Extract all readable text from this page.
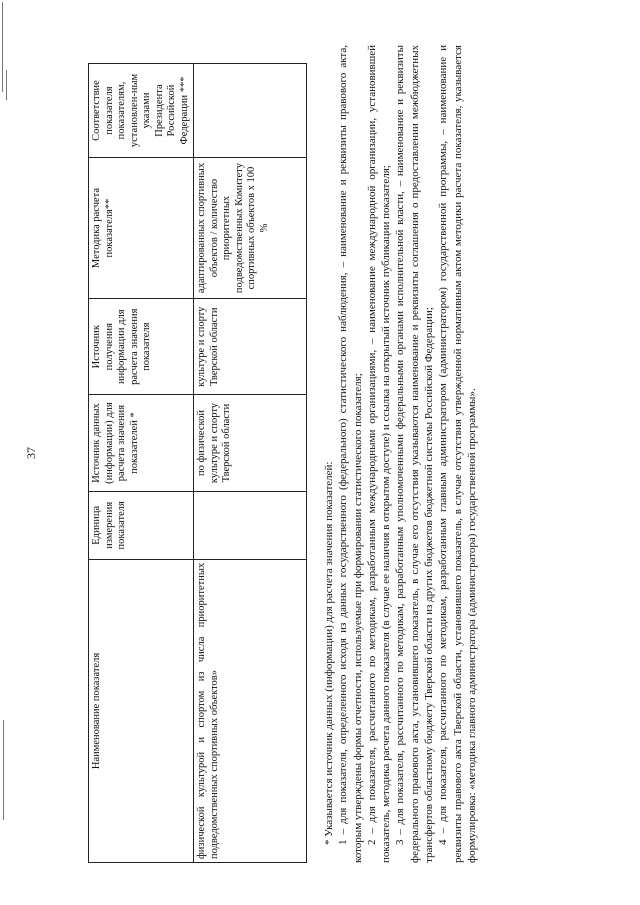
37
Наименование показателя	Единица измерения показателя	Источник данных (информации) для расчета значения показателей *	Источник получения информации для расчета значения показателя	Методика расчета показателя**	Соответствие показателя показателям, установлен-ным указами Президента Российской Федерации ***
физической культурой и спортом из числа приоритетных подведомственных спортивных объектов»		по физической культуре и спорту Тверской области	культуре и спорту Тверской области	адаптированных спортивных объектов / количество приоритетных подведомственных Комитету спортивных объектов х 100 %	

* Указывается источник данных (информации) для расчета значения показателей: 1 – для показателя, определенного исходя из данных государственного (федерального) статистического наблюдения, – наименование и реквизиты правового акта, которым утверждены формы отчетности, используемые при формировании статистического показателя; 2 – для показателя, рассчитанного по методикам, разработанным международными организациями, – наименование международной организации, установившей показатель, методика расчета данного показателя (в случае ее наличия в открытом доступе) и ссылка на открытый источник публикации показателя; 3 – для показателя, рассчитанного по методикам, разработанным уполномоченными федеральными органами исполнительной власти, – наименование и реквизиты федерального правового акта, установившего показатель, в случае его отсутствия указываются наименование и реквизиты соглашения о предоставлении межбюджетных трансфертов областному бюджету Тверской области из других бюджетов бюджетной системы Российской Федерации; 4 – для показателя, рассчитанного по методикам, разработанным главным администратором (администратором) государственной программы, – наименование и реквизиты правового акта Тверской области, установившего показатель, в случае отсутствия утвержденной нормативным актом методики расчета показателя, указывается формулировка: «методика главного администратора (администратора) государственной программы».
